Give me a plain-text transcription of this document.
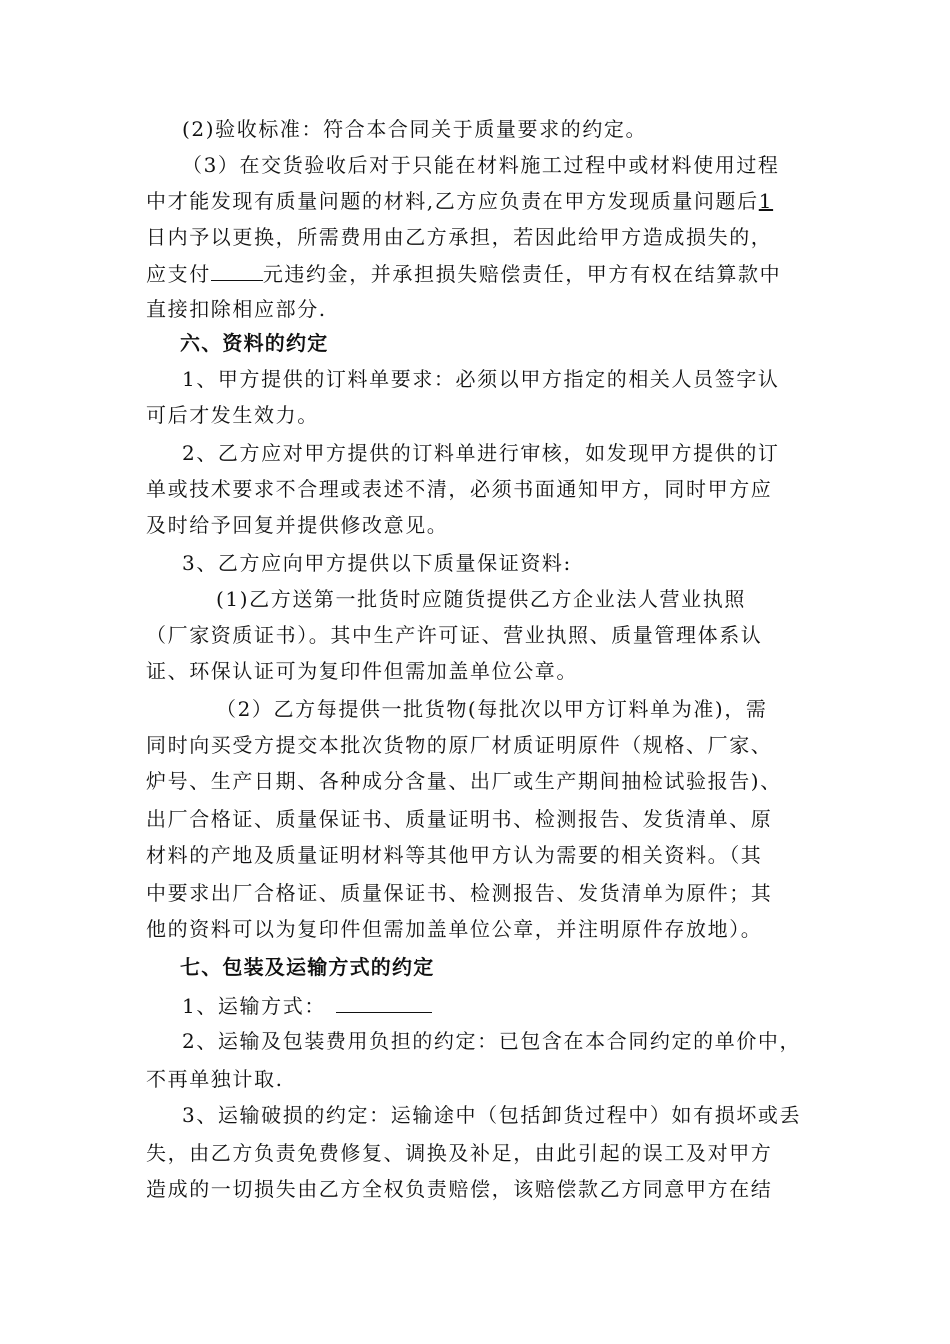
(2)验收标准：符合本合同关于质量要求的约定。
（3）在交货验收后对于只能在材料施工过程中或材料使用过程
中才能发现有质量问题的材料,乙方应负责在甲方发现质量问题后1
日内予以更换，所需费用由乙方承担，若因此给甲方造成损失的，
应支付	元违约金，并承担损失赔偿责任，甲方有权在结算款中
直接扣除相应部分.
六、资料的约定
1、甲方提供的订料单要求：必须以甲方指定的相关人员签字认
可后才发生效力。
2、乙方应对甲方提供的订料单进行审核，如发现甲方提供的订
单或技术要求不合理或表述不清，必须书面通知甲方，同时甲方应
及时给予回复并提供修改意见。
3、乙方应向甲方提供以下质量保证资料:
(1)乙方送第一批货时应随货提供乙方企业法人营业执照
（厂家资质证书）。其中生产许可证、营业执照、质量管理体系认
证、环保认证可为复印件但需加盖单位公章。
（2）乙方每提供一批货物(每批次以甲方订料单为准)，需
同时向买受方提交本批次货物的原厂材质证明原件（规格、厂家、
炉号、生产日期、各种成分含量、出厂或生产期间抽检试验报告)、
出厂合格证、质量保证书、质量证明书、检测报告、发货清单、原
材料的产地及质量证明材料等其他甲方认为需要的相关资料。（其
中要求出厂合格证、质量保证书、检测报告、发货清单为原件；其
他的资料可以为复印件但需加盖单位公章，并注明原件存放地）。
七、包装及运输方式的约定
1、运输方式：
2、运输及包装费用负担的约定：已包含在本合同约定的单价中，
不再单独计取.
3、运输破损的约定：运输途中（包括卸货过程中）如有损坏或丢
失，由乙方负责免费修复、调换及补足，由此引起的误工及对甲方
造成的一切损失由乙方全权负责赔偿，该赔偿款乙方同意甲方在结
